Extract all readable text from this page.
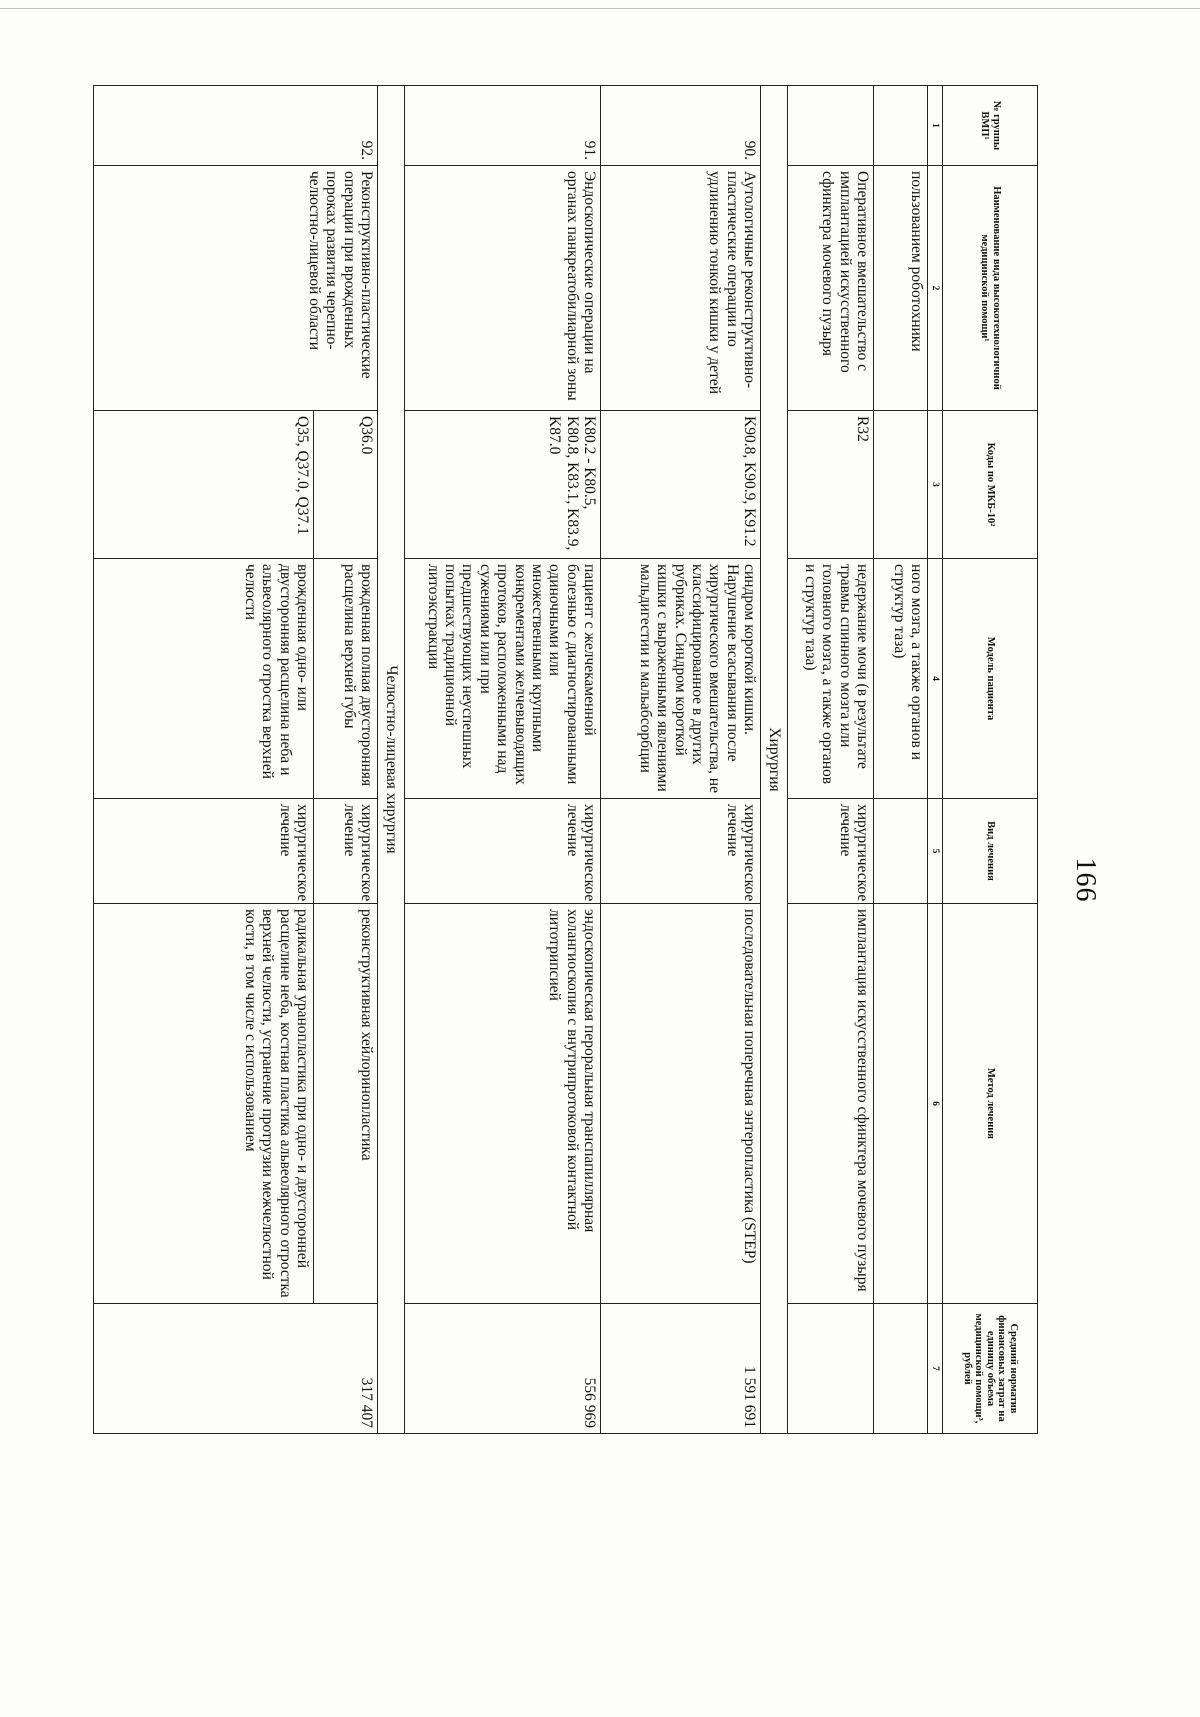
166
№ группы ВМП¹	Наименование вида высокотехнологичной медицинской помощи¹	Коды по МКБ-10²	Модель пациента	Вид лечения	Метод лечения	Средний норматив финансовых затрат на единицу объема медицинской помощи³, рублей
1	2	3	4	5	6	7
	пользованием роботохники		ного мозга, а также органов и структур таза)			
	Оперативное вмешательство с имплантацией искусственного сфинктера мочевого пузыря	R32	недержание мочи (в результате травмы спинного мозга или головного мозга, а также органов и структур таза)	хирургическое лечение	имплантация искусственного сфинктера мочевого пузыря	
Хирургия						
90.	Аутологичные реконструктивно-пластические операции по удлинению тонкой кишки у детей	K90.8, K90.9, K91.2	синдром короткой кишки. Нарушение всасывания после хирургического вмешательства, не классифицированное в других рубриках. Синдром короткой кишки с выраженными явлениями мальдигестии и мальабсорбции	хирургическое лечение	последовательная поперечная энтеропластика (STEP)	1 591 691
91.	Эндоскопические операции на органах панкреатобилиарной зоны	K80.2 - K80.5, K80.8, K83.1, K83.9, K87.0	пациент с желчекаменной болезнью с диагностированными одиночными или множественными крупными конкрементами желчевыводящих протоков, расположенными над сужениями или при предшествующих неуспешных попытках традиционной литоэкстракции	хирургическое лечение	эндоскопическая перорaльная транспапиллярная холангиоскопия с внутрипротоковой контактной литотрипсией	556 969
Челюстно-лицевая хирургия						
92.	Реконструктивно-пластические операции при врожденных пороках развития черепно-челюстно-лицевой области	Q36.0	врожденная полная двусторонняя расщелина верхней губы	хирургическое лечение	реконструктивная хейлоринопластика	317 407
		Q35, Q37.0, Q37.1	врожденная одно- или двусторонняя расщелина неба и альвеолярного отростка верхней челюсти	хирургическое лечение	радикальная уранопластика при одно- и двусторонней расщелине неба, костная пластика альвеолярного отростка верхней челюсти, устранение протрузии межчелюстной кости, в том числе с использованием	
